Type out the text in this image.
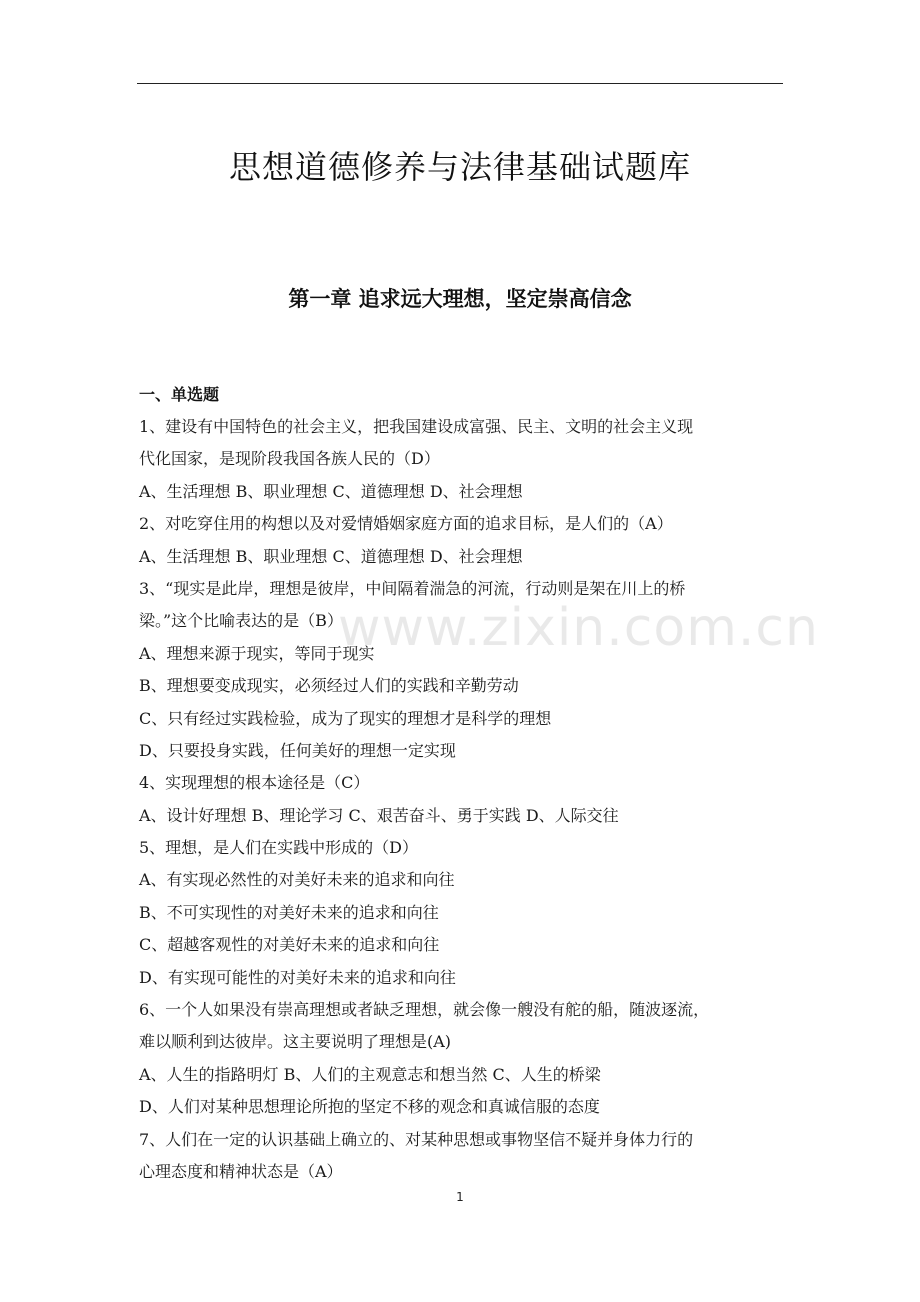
思想道德修养与法律基础试题库
第一章 追求远大理想，坚定崇高信念
一、单选题
1、建设有中国特色的社会主义，把我国建设成富强、民主、文明的社会主义现
代化国家，是现阶段我国各族人民的（D）
A、生活理想 B、职业理想 C、道德理想 D、社会理想
2、对吃穿住用的构想以及对爱情婚姻家庭方面的追求目标，是人们的（A）
A、生活理想 B、职业理想 C、道德理想 D、社会理想
3、“现实是此岸，理想是彼岸，中间隔着湍急的河流，行动则是架在川上的桥
梁。”这个比喻表达的是（B）
A、理想来源于现实，等同于现实
B、理想要变成现实，必须经过人们的实践和辛勤劳动
C、只有经过实践检验，成为了现实的理想才是科学的理想
D、只要投身实践，任何美好的理想一定实现
4、实现理想的根本途径是（C）
A、设计好理想 B、理论学习 C、艰苦奋斗、勇于实践 D、人际交往
5、理想，是人们在实践中形成的（D）
A、有实现必然性的对美好未来的追求和向往
B、不可实现性的对美好未来的追求和向往
C、超越客观性的对美好未来的追求和向往
D、有实现可能性的对美好未来的追求和向往
6、一个人如果没有崇高理想或者缺乏理想，就会像一艘没有舵的船，随波逐流，
难以顺利到达彼岸。这主要说明了理想是(A)
A、人生的指路明灯 B、人们的主观意志和想当然 C、人生的桥梁
D、人们对某种思想理论所抱的坚定不移的观念和真诚信服的态度
7、人们在一定的认识基础上确立的、对某种思想或事物坚信不疑并身体力行的
心理态度和精神状态是（A）
www.zixin.com.cn
1
